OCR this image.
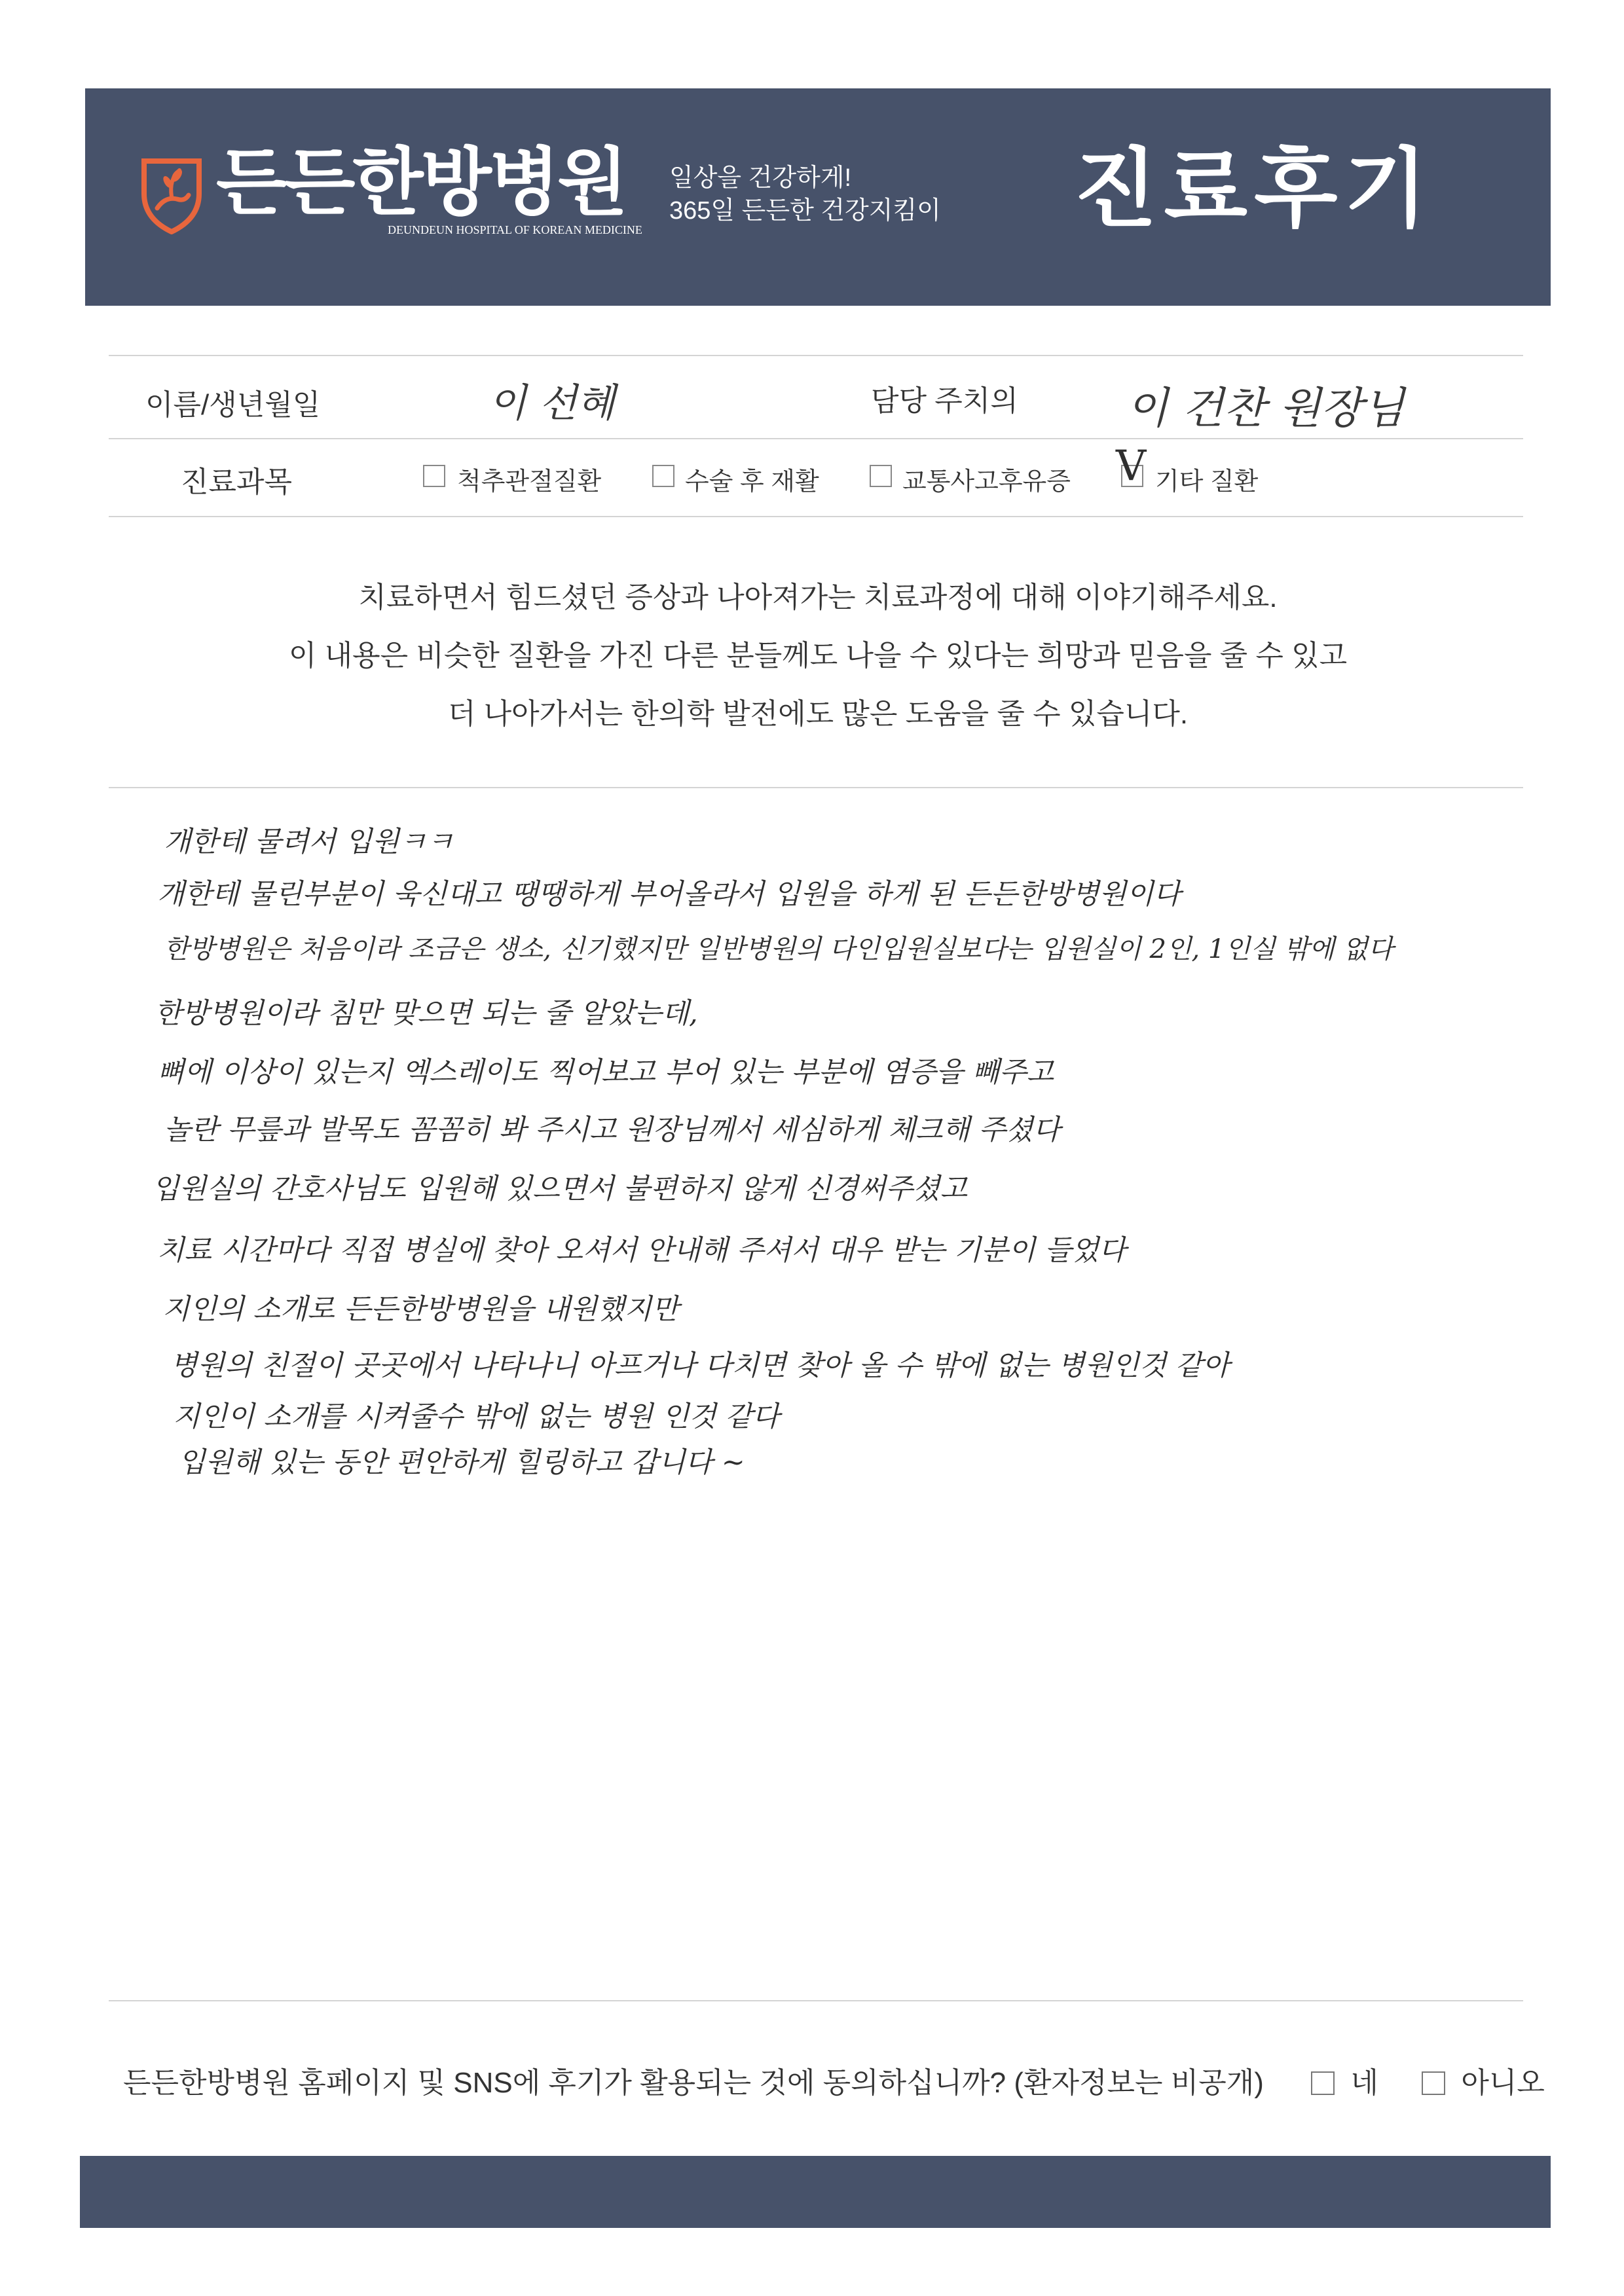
든든한방병원
DEUNDEUN HOSPITAL OF KOREAN MEDICINE
일상을 건강하게!
365일 든든한 건강지킴이 진료후기
이름/생년월일	이 선혜	담당 주치의	이 건찬 원장님
진료과목	척추관절질환	수술 후 재활	교통사고후유증 V 기타 질환
치료하면서 힘드셨던 증상과 나아져가는 치료과정에 대해 이야기해주세요.
이 내용은 비슷한 질환을 가진 다른 분들께도 나을 수 있다는 희망과 믿음을 줄 수 있고
더 나아가서는 한의학 발전에도 많은 도움을 줄 수 있습니다.
개한테 물려서 입원ㅋㅋ
개한테 물린부분이 욱신대고 땡땡하게 부어올라서 입원을 하게 된 든든한방병원이다
한방병원은 처음이라 조금은 생소, 신기했지만 일반병원의 다인입원실보다는 입원실이 2인, 1인실 밖에 없다
한방병원이라 침만 맞으면 되는 줄 알았는데,
뼈에 이상이 있는지 엑스레이도 찍어보고 부어 있는 부분에 염증을 빼주고
놀란 무릎과 발목도 꼼꼼히 봐 주시고 원장님께서 세심하게 체크해 주셨다
입원실의 간호사님도 입원해 있으면서 불편하지 않게 신경써주셨고
치료 시간마다 직접 병실에 찾아 오셔서 안내해 주셔서 대우 받는 기분이 들었다
지인의 소개로 든든한방병원을 내원했지만
병원의 친절이 곳곳에서 나타나니 아프거나 다치면 찾아 올 수 밖에 없는 병원인것 같아
지인이 소개를 시켜줄수 밖에 없는 병원 인것 같다
입원해 있는 동안 편안하게 힐링하고 갑니다 ~
든든한방병원 홈페이지 및 SNS에 후기가 활용되는 것에 동의하십니까? (환자정보는 비공개)	네	아니오
